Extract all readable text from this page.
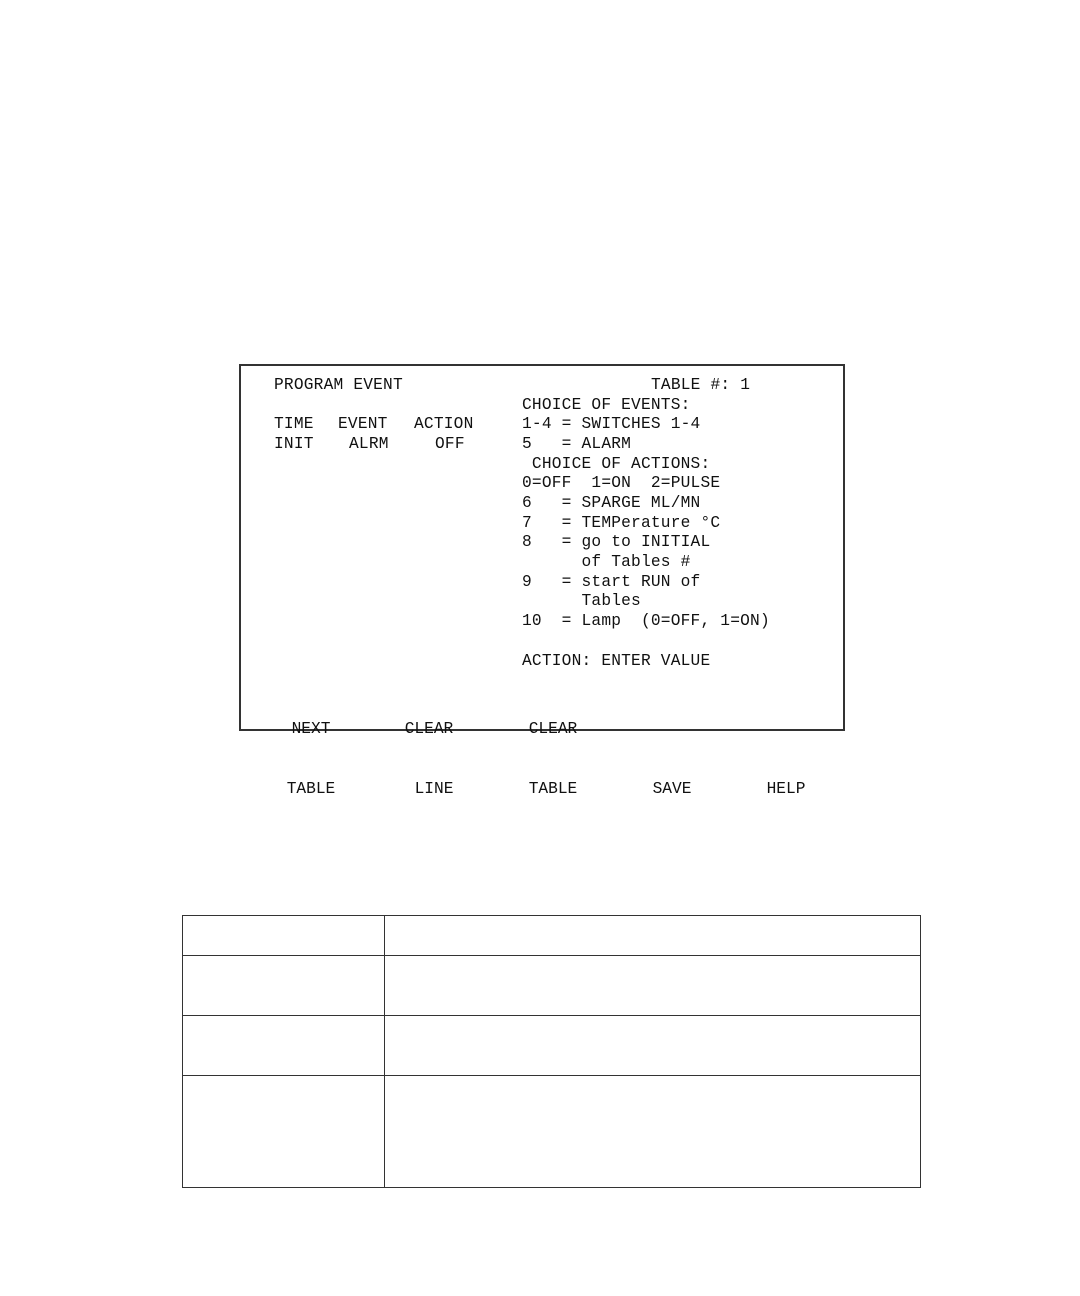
PROGRAM EVENT	TABLE #: 1
TIME EVENT ACTION
INIT ALRM	OFF
CHOICE OF EVENTS:
1-4 = SWITCHES 1-4
5   = ALARM
CHOICE OF ACTIONS:
0=OFF  1=ON  2=PULSE
6   = SPARGE ML/MN
7   = TEMPerature °C
8   = go to INITIAL
of Tables #
9   = start RUN of
Tables
10  = Lamp  (0=OFF, 1=ON)
ACTION: ENTER VALUE

NEXT

TABLE

CLEAR

LINE

CLEAR

TABLE

	SAVE

	HELP
